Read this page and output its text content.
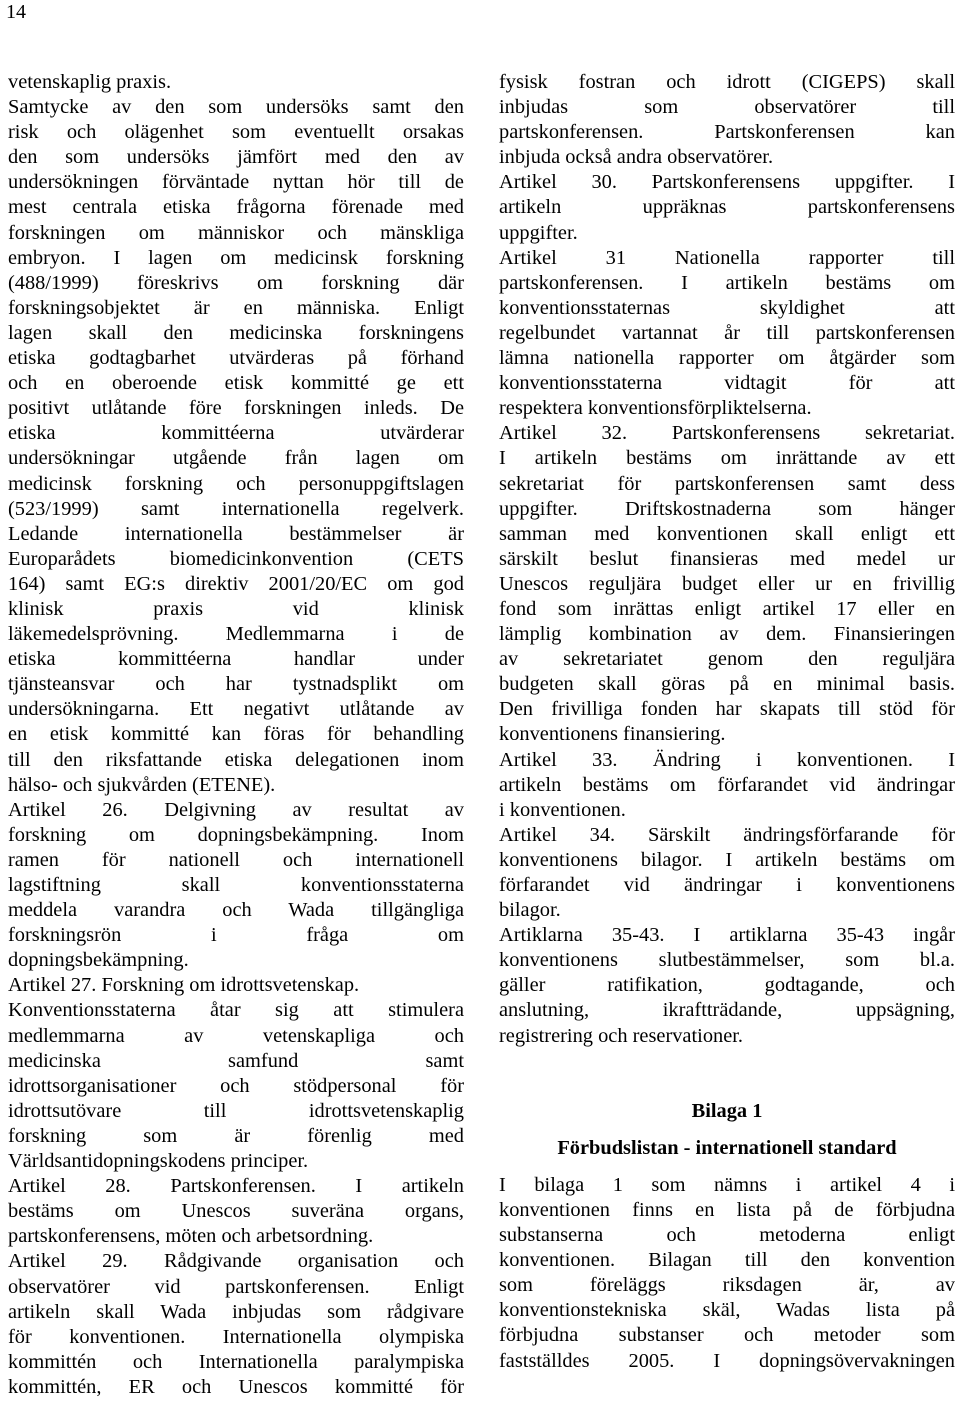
14
vetenskaplig praxis.
Samtycke av den som undersöks samt den
risk och olägenhet som eventuellt orsakas
den som undersöks jämfört med den av
undersökningen förväntade nyttan hör till de
mest centrala etiska frågorna förenade med
forskningen om människor och mänskliga
embryon. I lagen om medicinsk forskning
(488/1999) föreskrivs om forskning där
forskningsobjektet är en människa. Enligt
lagen skall den medicinska forskningens
etiska godtagbarhet utvärderas på förhand
och en oberoende etisk kommitté ge ett
positivt utlåtande före forskningen inleds. De
etiska kommittéerna utvärderar
undersökningar utgående från lagen om
medicinsk forskning och personuppgiftslagen
(523/1999) samt internationella regelverk.
Ledande internationella bestämmelser är
Europarådets biomedicinkonvention (CETS
164) samt EG:s direktiv 2001/20/EC om god
klinisk praxis vid klinisk
läkemedelsprövning. Medlemmarna i de
etiska kommittéerna handlar under
tjänsteansvar och har tystnadsplikt om
undersökningarna. Ett negativt utlåtande av
en etisk kommitté kan föras för behandling
till den riksfattande etiska delegationen inom
hälso- och sjukvården (ETENE).
Artikel 26. Delgivning av resultat av
forskning om dopningsbekämpning. Inom
ramen för nationell och internationell
lagstiftning skall konventionsstaterna
meddela varandra och Wada tillgängliga
forskningsrön i fråga om
dopningsbekämpning.
Artikel 27. Forskning om idrottsvetenskap.
Konventionsstaterna åtar sig att stimulera
medlemmarna av vetenskapliga och
medicinska samfund samt
idrottsorganisationer och stödpersonal för
idrottsutövare till idrottsvetenskaplig
forskning som är förenlig med
Världsantidopningskodens principer.
Artikel 28. Partskonferensen. I artikeln
bestäms om Unescos suveräna organs,
partskonferensens, möten och arbetsordning.
Artikel 29. Rådgivande organisation och
observatörer vid partskonferensen. Enligt
artikeln skall Wada inbjudas som rådgivare
för konventionen. Internationella olympiska
kommittén och Internationella paralympiska
kommittén, ER och Unescos kommitté för
fysisk fostran och idrott (CIGEPS) skall
inbjudas som observatörer till
partskonferensen. Partskonferensen kan
inbjuda också andra observatörer.
Artikel 30. Partskonferensens uppgifter. I
artikeln uppräknas partskonferensens
uppgifter.
Artikel 31 Nationella rapporter till
partskonferensen. I artikeln bestäms om
konventionsstaternas skyldighet att
regelbundet vartannat år till partskonferensen
lämna nationella rapporter om åtgärder som
konventionsstaterna vidtagit för att
respektera konventionsförpliktelserna.
Artikel 32. Partskonferensens sekretariat.
I artikeln bestäms om inrättande av ett
sekretariat för partskonferensen samt dess
uppgifter. Driftskostnaderna som hänger
samman med konventionen skall enligt ett
särskilt beslut finansieras med medel ur
Unescos reguljära budget eller ur en frivillig
fond som inrättas enligt artikel 17 eller en
lämplig kombination av dem. Finansieringen
av sekretariatet genom den reguljära
budgeten skall göras på en minimal basis.
Den frivilliga fonden har skapats till stöd för
konventionens finansiering.
Artikel 33. Ändring i konventionen. I
artikeln bestäms om förfarandet vid ändringar
i konventionen.
Artikel 34. Särskilt ändringsförfarande för
konventionens bilagor. I artikeln bestäms om
förfarandet vid ändringar i konventionens
bilagor.
Artiklarna 35-43. I artiklarna 35-43 ingår
konventionens slutbestämmelser, som bl.a.
gäller ratifikation, godtagande, och
anslutning, ikraftträdande, uppsägning,
registrering och reservationer.
Bilaga 1
Förbudslistan - internationell standard
I bilaga 1 som nämns i artikel 4 i
konventionen finns en lista på de förbjudna
substanserna och metoderna enligt
konventionen. Bilagan till den konvention
som föreläggs riksdagen är, av
konventionstekniska skäl, Wadas lista på
förbjudna substanser och metoder som
fastställdes 2005. I dopningsövervakningen
